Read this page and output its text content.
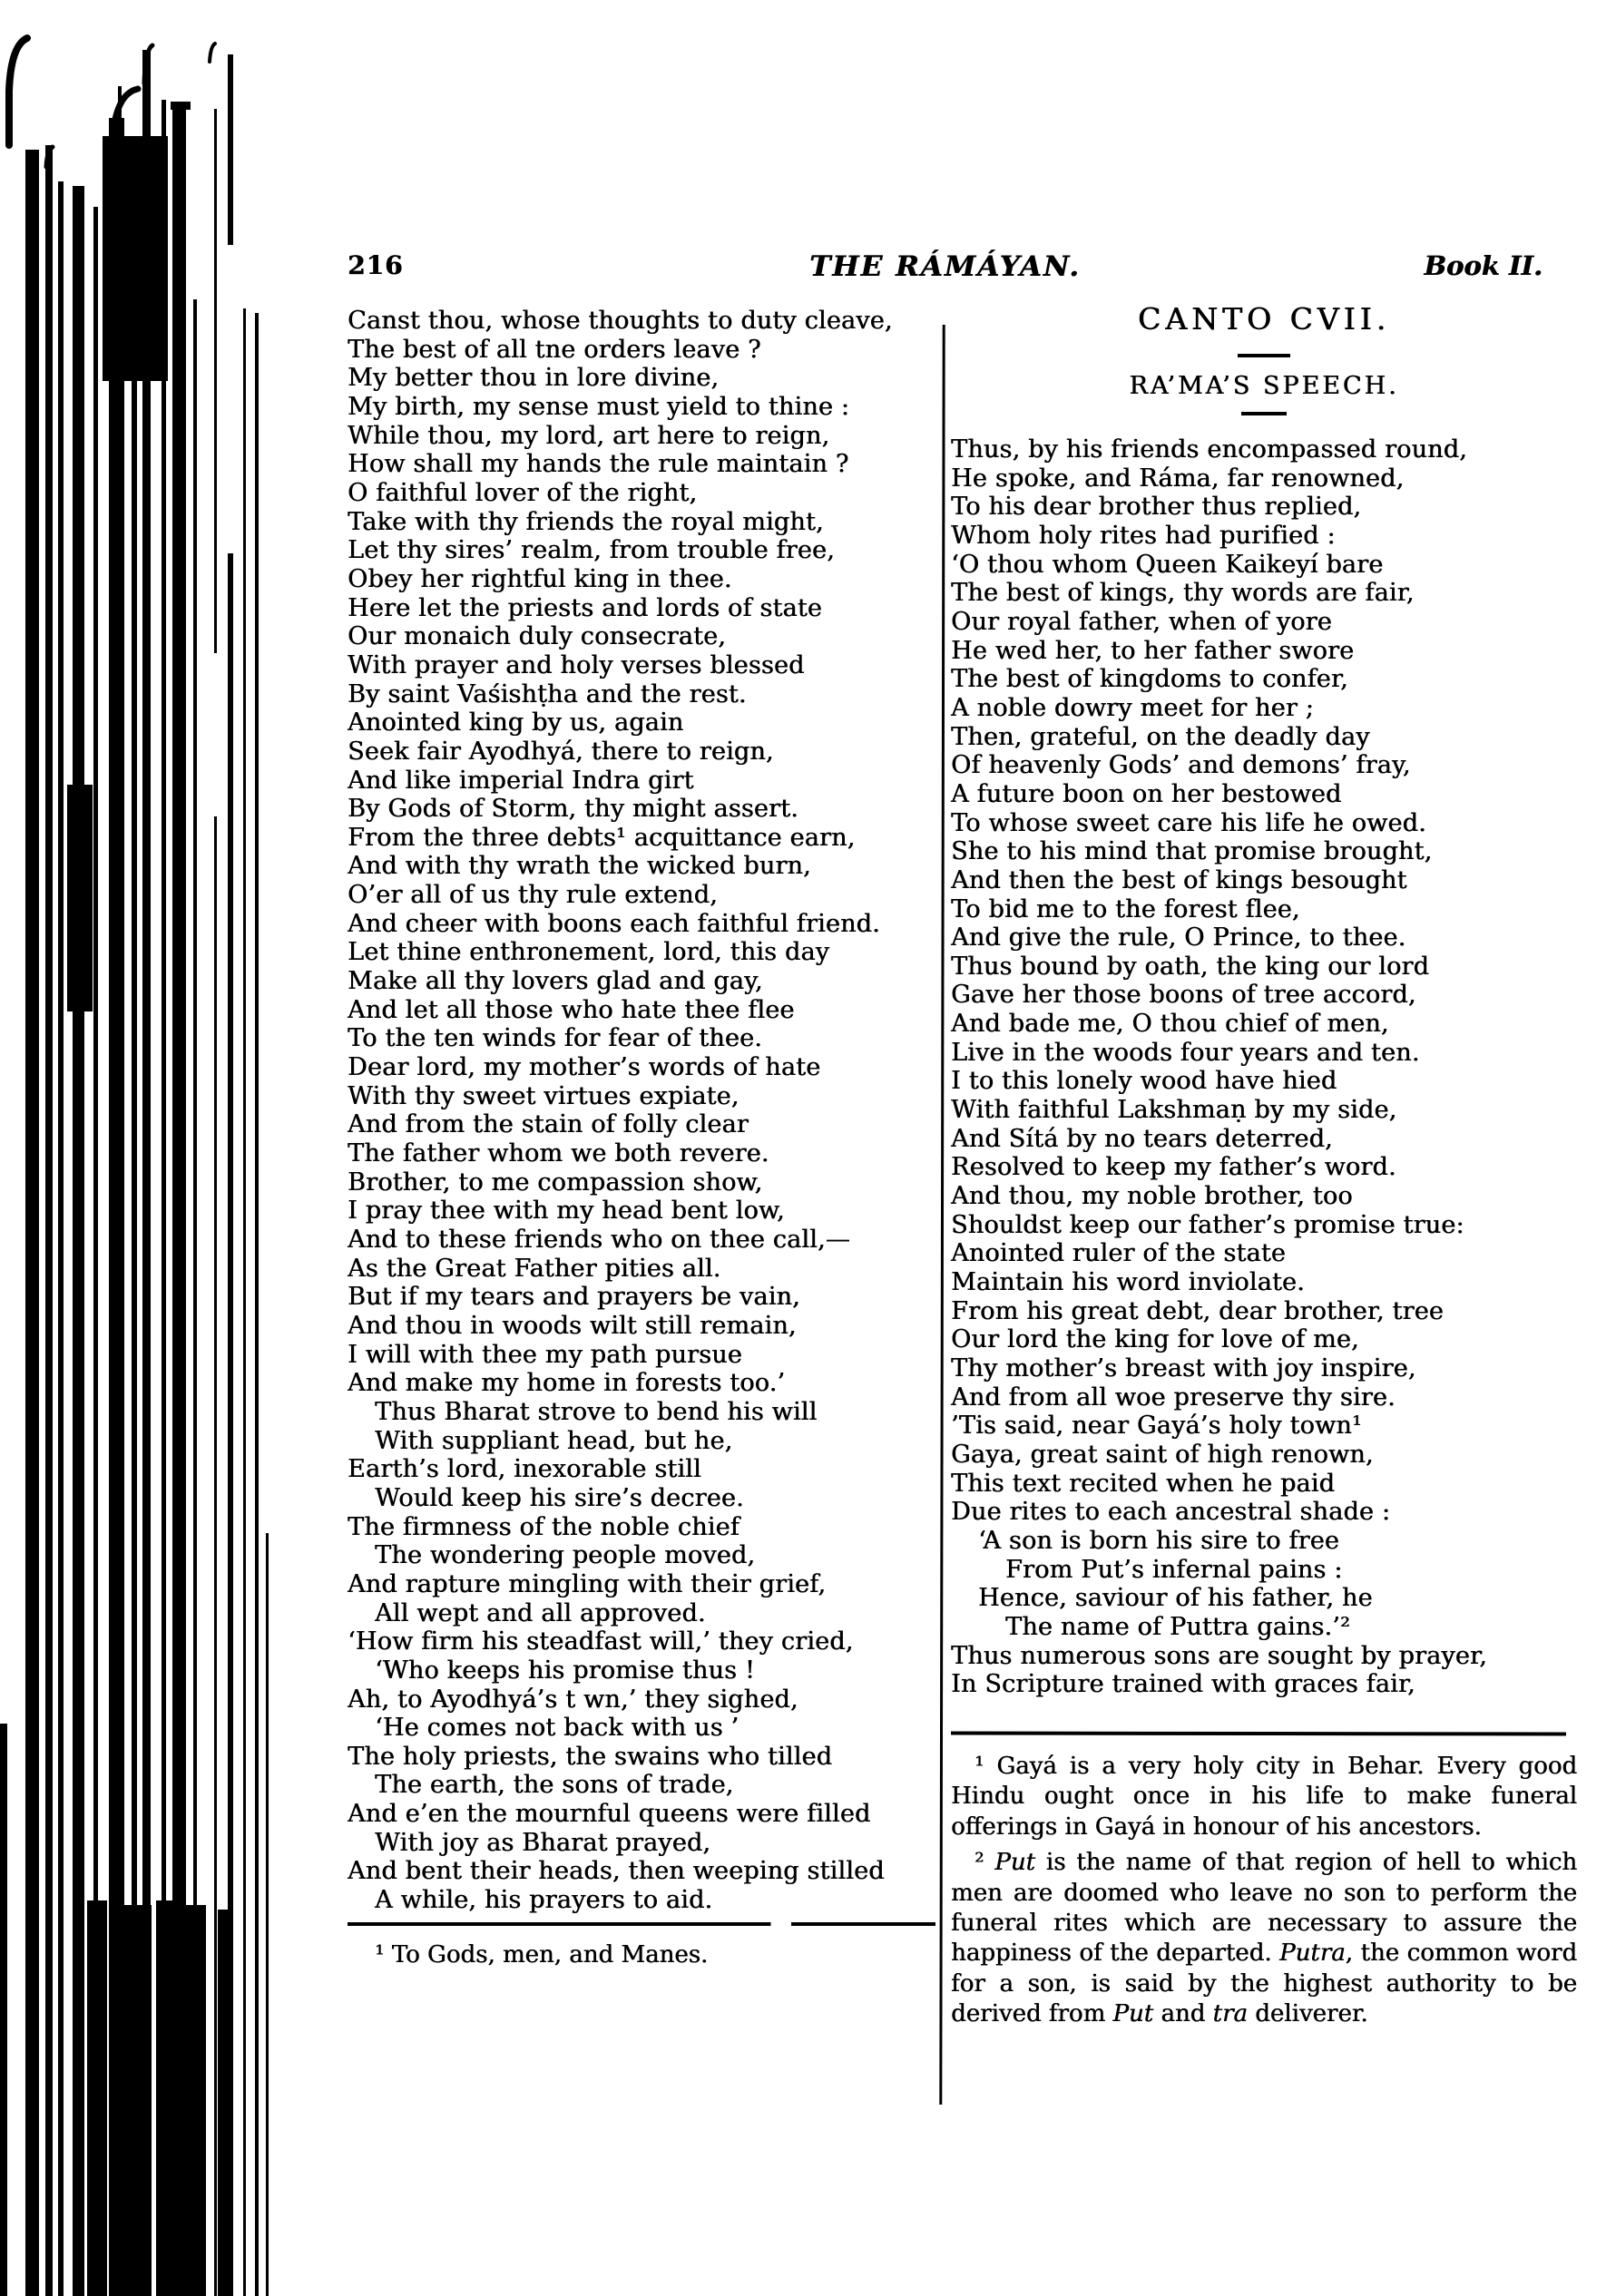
216	THE RÁMÁYAN.	Book II.
Canst thou, whose thoughts to duty cleave,
The best of all tne orders leave ?
My better thou in lore divine,
My birth, my sense must yield to thine :
While thou, my lord, art here to reign,
How shall my hands the rule maintain ?
O faithful lover of the right,
Take with thy friends the royal might,
Let thy sires’ realm, from trouble free,
Obey her rightful king in thee.
Here let the priests and lords of state
Our monaich duly consecrate,
With prayer and holy verses blessed
By saint Vaśishṭha and the rest.
Anointed king by us, again
Seek fair Ayodhyá, there to reign,
And like imperial Indra girt
By Gods of Storm, thy might assert.
From the three debts¹ acquittance earn,
And with thy wrath the wicked burn,
O’er all of us thy rule extend,
And cheer with boons each faithful friend.
Let thine enthronement, lord, this day
Make all thy lovers glad and gay,
And let all those who hate thee flee
To the ten winds for fear of thee.
Dear lord, my mother’s words of hate
With thy sweet virtues expiate,
And from the stain of folly clear
The father whom we both revere.
Brother, to me compassion show,
I pray thee with my head bent low,
And to these friends who on thee call,—
As the Great Father pities all.
But if my tears and prayers be vain,
And thou in woods wilt still remain,
I will with thee my path pursue
And make my home in forests too.’
Thus Bharat strove to bend his will
With suppliant head, but he,
Earth’s lord, inexorable still
Would keep his sire’s decree.
The firmness of the noble chief
The wondering people moved,
And rapture mingling with their grief,
All wept and all approved.
‘How firm his steadfast will,’ they cried,
‘Who keeps his promise thus !
Ah, to Ayodhyá’s t wn,’ they sighed,
‘He comes not back with us ’
The holy priests, the swains who tilled
The earth, the sons of trade,
And e’en the mournful queens were filled
With joy as Bharat prayed,
And bent their heads, then weeping stilled
A while, his prayers to aid.
¹ To Gods, men, and Manes.
CANTO CVII.
RA’MA’S SPEECH.
Thus, by his friends encompassed round,
He spoke, and Ráma, far renowned,
To his dear brother thus replied,
Whom holy rites had purified :
‘O thou whom Queen Kaikeyí bare
The best of kings, thy words are fair,
Our royal father, when of yore
He wed her, to her father swore
The best of kingdoms to confer,
A noble dowry meet for her ;
Then, grateful, on the deadly day
Of heavenly Gods’ and demons’ fray,
A future boon on her bestowed
To whose sweet care his life he owed.
She to his mind that promise brought,
And then the best of kings besought
To bid me to the forest flee,
And give the rule, O Prince, to thee.
Thus bound by oath, the king our lord
Gave her those boons of tree accord,
And bade me, O thou chief of men,
Live in the woods four years and ten.
I to this lonely wood have hied
With faithful Lakshmaṇ by my side,
And Sítá by no tears deterred,
Resolved to keep my father’s word.
And thou, my noble brother, too
Shouldst keep our father’s promise true:
Anointed ruler of the state
Maintain his word inviolate.
From his great debt, dear brother, tree
Our lord the king for love of me,
Thy mother’s breast with joy inspire,
And from all woe preserve thy sire.
’Tis said, near Gayá’s holy town¹
Gaya, great saint of high renown,
This text recited when he paid
Due rites to each ancestral shade :
‘A son is born his sire to free
From Put’s infernal pains :
Hence, saviour of his father, he
The name of Puttra gains.’²
Thus numerous sons are sought by prayer,
In Scripture trained with graces fair,

¹ Gayá is a very holy city in Behar. Every good Hindu ought once in his life to make funeral offerings in Gayá in honour of his ancestors.

² Put is the name of that region of hell to which men are doomed who leave no son to perform the funeral rites which are necessary to assure the happiness of the departed. Putra, the common word for a son, is said by the highest authority to be derived from Put and tra deliverer.
